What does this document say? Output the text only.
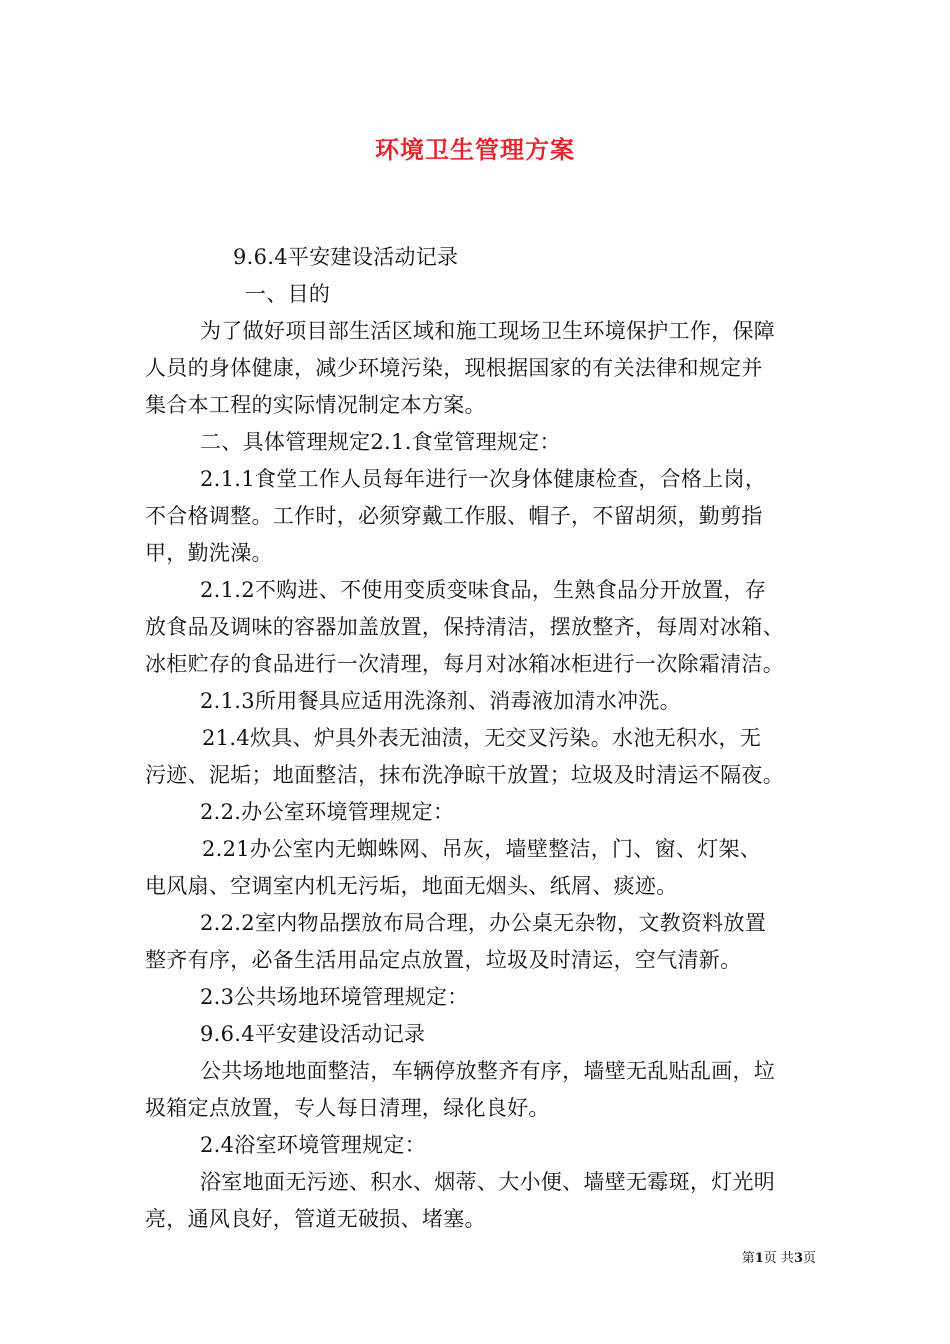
环境卫生管理方案
9.6.4平安建设活动记录
一、目的
为了做好项目部生活区域和施工现场卫生环境保护工作，保障
人员的身体健康，减少环境污染，现根据国家的有关法律和规定并
集合本工程的实际情况制定本方案。
二、具体管理规定2.1.食堂管理规定：
2.1.1食堂工作人员每年进行一次身体健康检查，合格上岗，
不合格调整。工作时，必须穿戴工作服、帽子，不留胡须，勤剪指
甲，勤洗澡。
2.1.2不购进、不使用变质变味食品，生熟食品分开放置，存
放食品及调味的容器加盖放置，保持清洁，摆放整齐，每周对冰箱、
冰柜贮存的食品进行一次清理，每月对冰箱冰柜进行一次除霜清洁。
2.1.3所用餐具应适用洗涤剂、消毒液加清水冲洗。
21.4炊具、炉具外表无油渍，无交叉污染。水池无积水，无
污迹、泥垢；地面整洁，抹布洗净晾干放置；垃圾及时清运不隔夜。
2.2.办公室环境管理规定：
2.21办公室内无蜘蛛网、吊灰，墙壁整洁，门、窗、灯架、
电风扇、空调室内机无污垢，地面无烟头、纸屑、痰迹。
2.2.2室内物品摆放布局合理，办公桌无杂物，文教资料放置
整齐有序，必备生活用品定点放置，垃圾及时清运，空气清新。
2.3公共场地环境管理规定：
9.6.4平安建设活动记录
公共场地地面整洁，车辆停放整齐有序，墙壁无乱贴乱画，垃
圾箱定点放置，专人每日清理，绿化良好。
2.4浴室环境管理规定：
浴室地面无污迹、积水、烟蒂、大小便、墙壁无霉斑，灯光明
亮，通风良好，管道无破损、堵塞。
第1页 共3页
